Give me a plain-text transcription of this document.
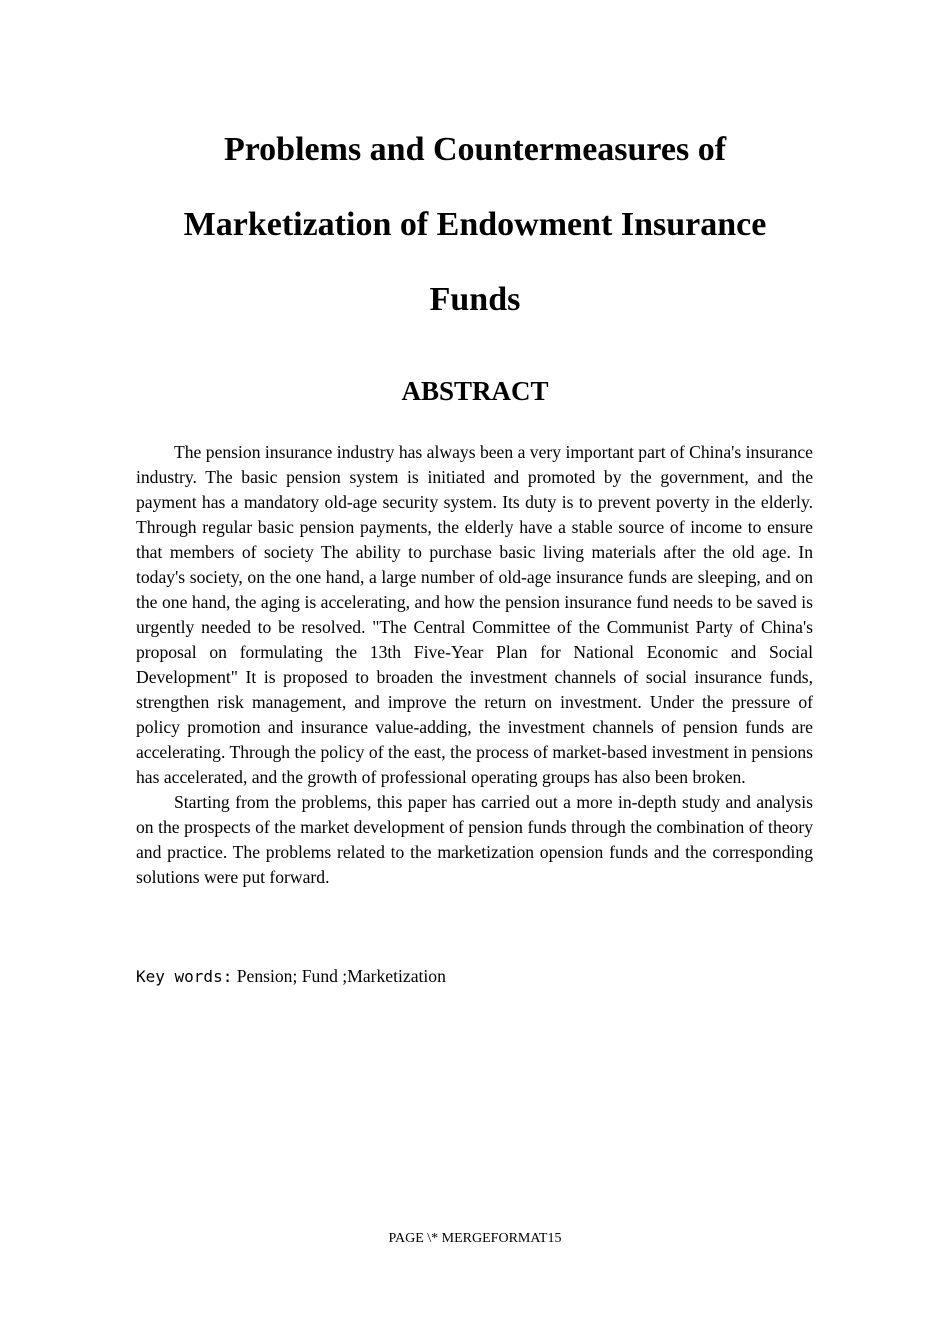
Problems and Countermeasures of
Marketization of Endowment Insurance
Funds
ABSTRACT

The pension insurance industry has always been a very important part of China's insurance industry. The basic pension system is initiated and promoted by the government, and the payment has a mandatory old-age security system. Its duty is to prevent poverty in the elderly. Through regular basic pension payments, the elderly have a stable source of income to ensure that members of society The ability to purchase basic living materials after the old age. In today's society, on the one hand, a large number of old-age insurance funds are sleeping, and on the one hand, the aging is accelerating, and how the pension insurance fund needs to be saved is urgently needed to be resolved. "The Central Committee of the Communist Party of China's proposal on formulating the 13th Five-Year Plan for National Economic and Social Development" It is proposed to broaden the investment channels of social insurance funds, strengthen risk management, and improve the return on investment. Under the pressure of policy promotion and insurance value-adding, the investment channels of pension funds are accelerating. Through the policy of the east, the process of market-based investment in pensions has accelerated, and the growth of professional operating groups has also been broken.

Starting from the problems, this paper has carried out a more in-depth study and analysis on the prospects of the market development of pension funds through the combination of theory and practice. The problems related to the marketization opension funds and the corresponding solutions were put forward.

Key words: Pension; Fund ;Marketization

PAGE \* MERGEFORMAT15
